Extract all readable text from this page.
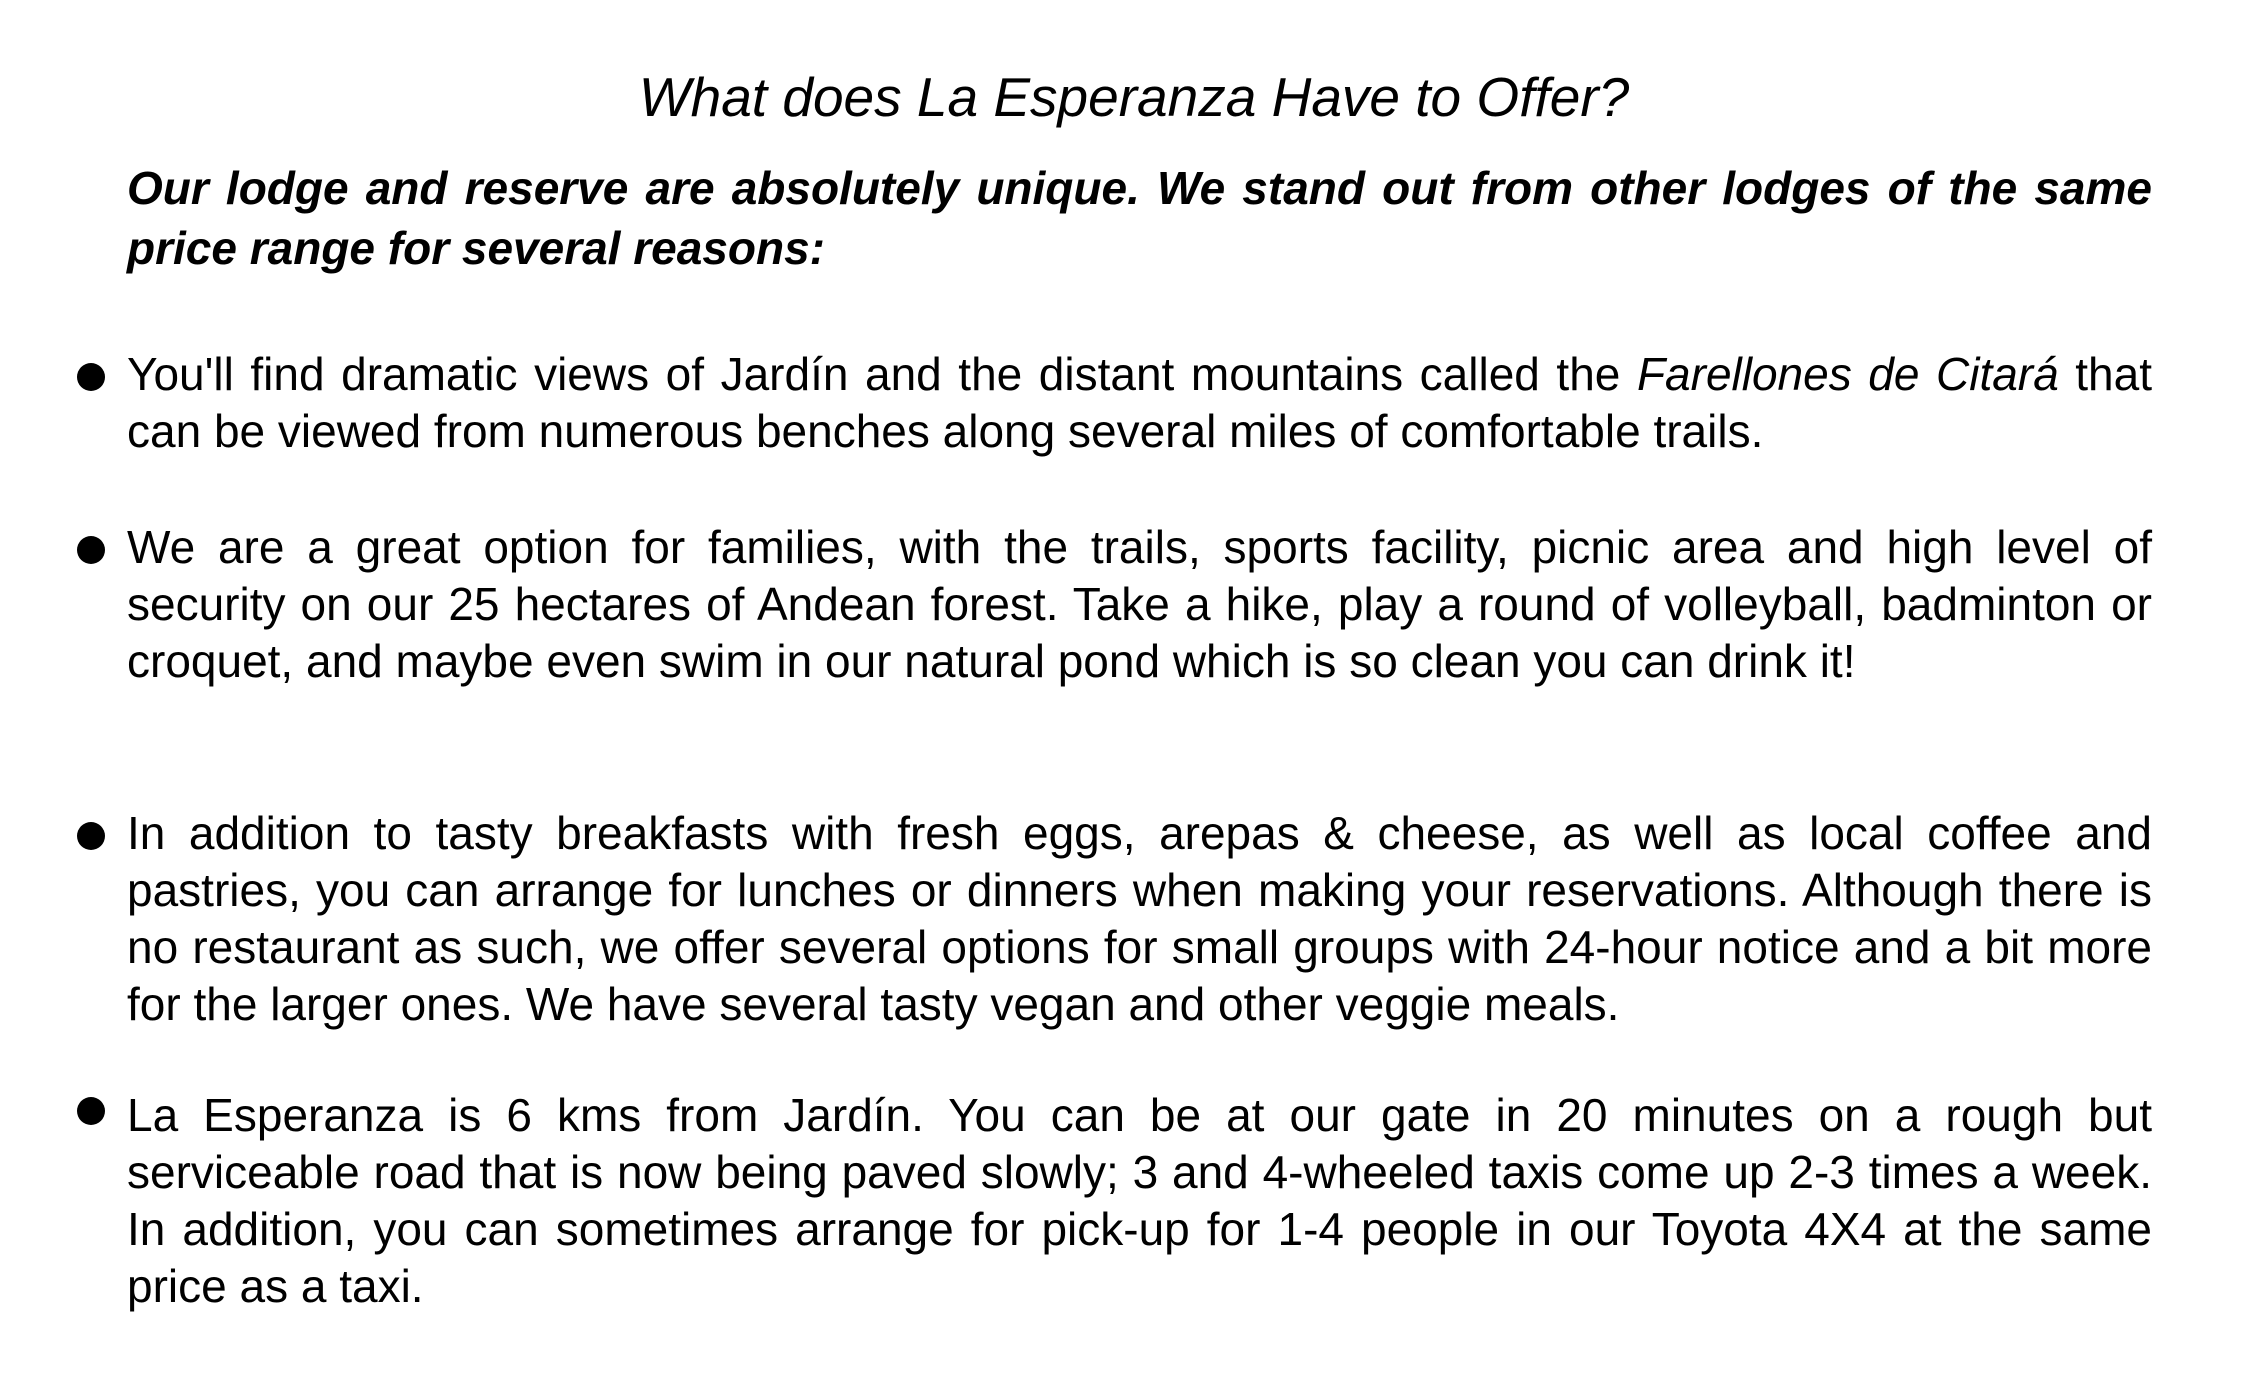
What does La Esperanza Have to Offer?

Our lodge and reserve are absolutely unique. We stand out from other lodges of the same price range for several reasons:

You'll find dramatic views of Jardín and the distant mountains called the Farellones de Citará that can be viewed from numerous benches along several miles of comfortable trails.
We are a great option for families, with the trails, sports facility, picnic area and high level of security on our 25 hectares of Andean forest. Take a hike, play a round of volleyball, badminton or croquet, and maybe even swim in our natural pond which is so clean you can drink it!
In addition to tasty breakfasts with fresh eggs, arepas & cheese, as well as local coffee and pastries, you can arrange for lunches or dinners when making your reservations. Although there is no restaurant as such, we offer several options for small groups with 24-hour notice and a bit more for the larger ones. We have several tasty vegan and other veggie meals.
La Esperanza is 6 kms from Jardín. You can be at our gate in 20 minutes on a rough but serviceable road that is now being paved slowly; 3 and 4-wheeled taxis come up 2-3 times a week. In addition, you can sometimes arrange for pick-up for 1-4 people in our Toyota 4X4 at the same price as a taxi.
